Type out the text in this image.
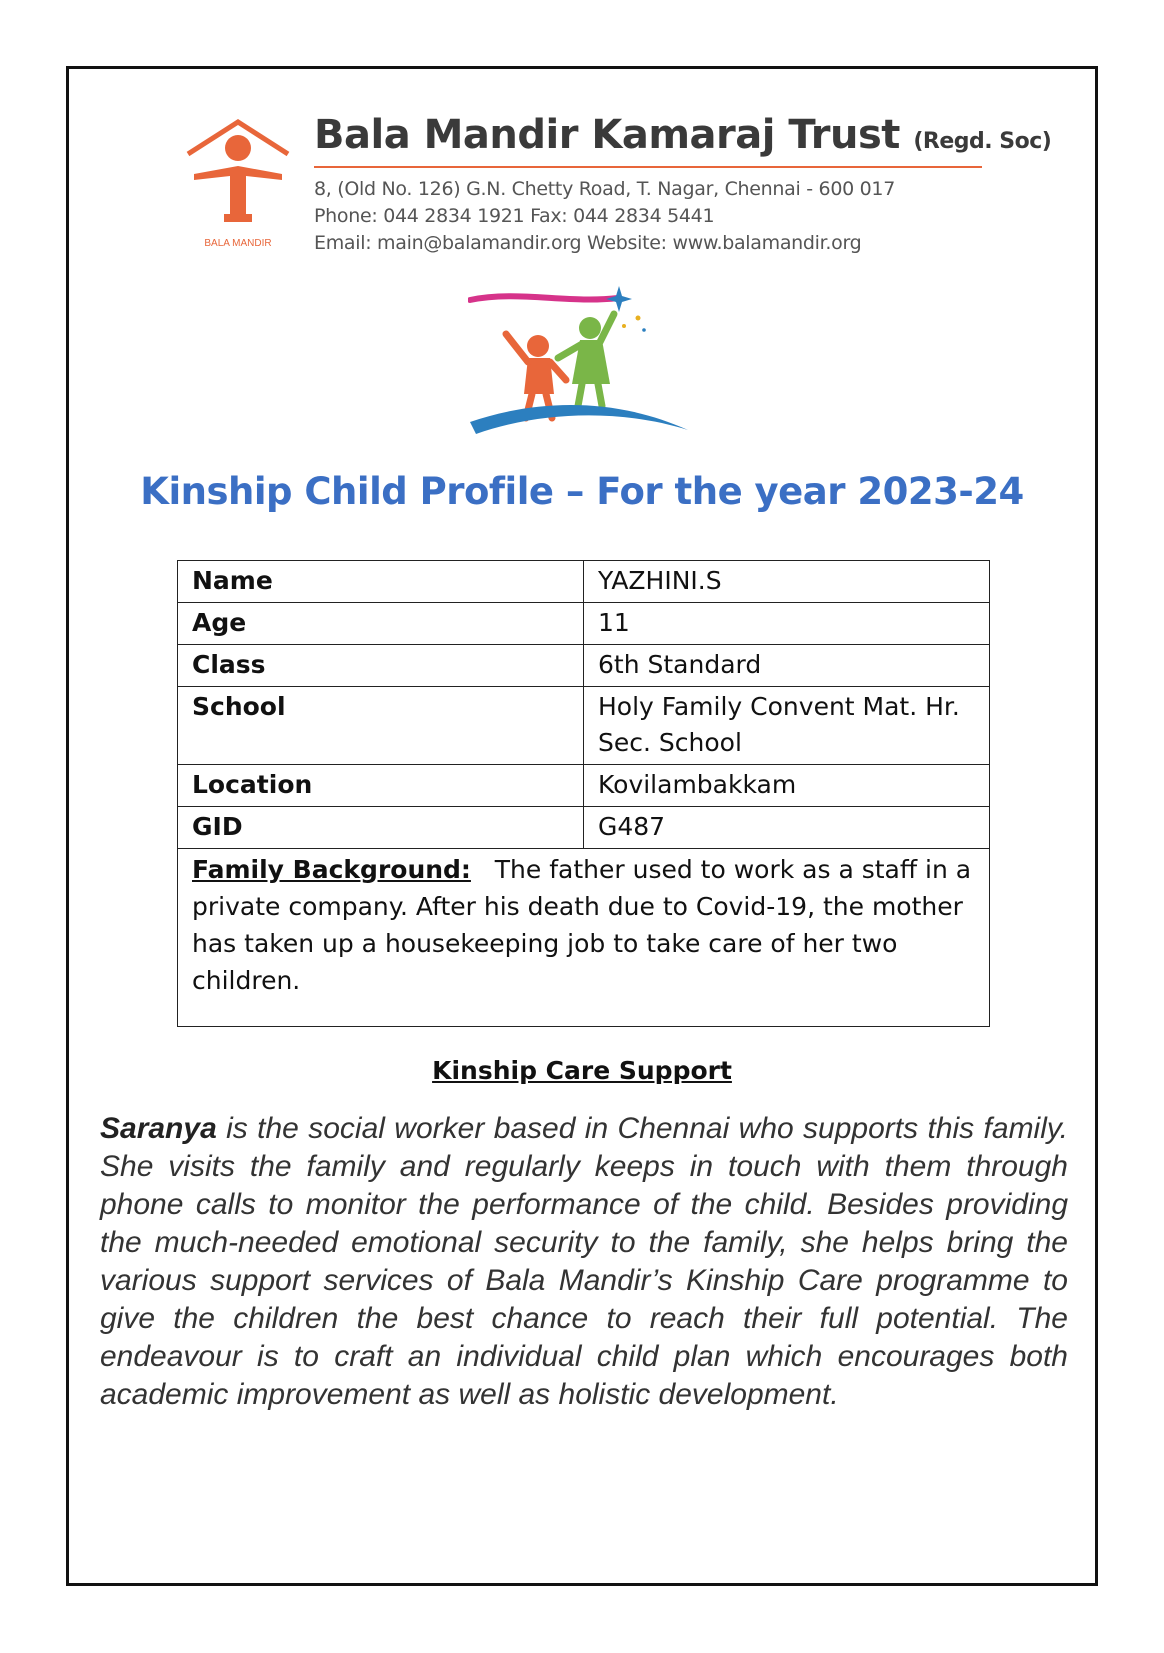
BALA MANDIR
Bala Mandir Kamaraj Trust (Regd. Soc)
8, (Old No. 126) G.N. Chetty Road, T. Nagar, Chennai - 600 017
Phone: 044 2834 1921 Fax: 044 2834 5441
Email: main@balamandir.org Website: www.balamandir.org
Kinship Child Profile – For the year 2023-24
Name	YAZHINI.S
Age	11
Class	6th Standard
School	Holy Family Convent Mat. Hr. Sec. School
Location	Kovilambakkam
GID	G487
Family Background: The father used to work as a staff in a private company. After his death due to Covid-19, the mother has taken up a housekeeping job to take care of her two children.	
Kinship Care Support
Saranya is the social worker based in Chennai who supports this family. She visits the family and regularly keeps in touch with them through phone calls to monitor the performance of the child. Besides providing the much-needed emotional security to the family, she helps bring the various support services of Bala Mandir’s Kinship Care programme to give the children the best chance to reach their full potential. The endeavour is to craft an individual child plan which encourages both academic improvement as well as holistic development.
